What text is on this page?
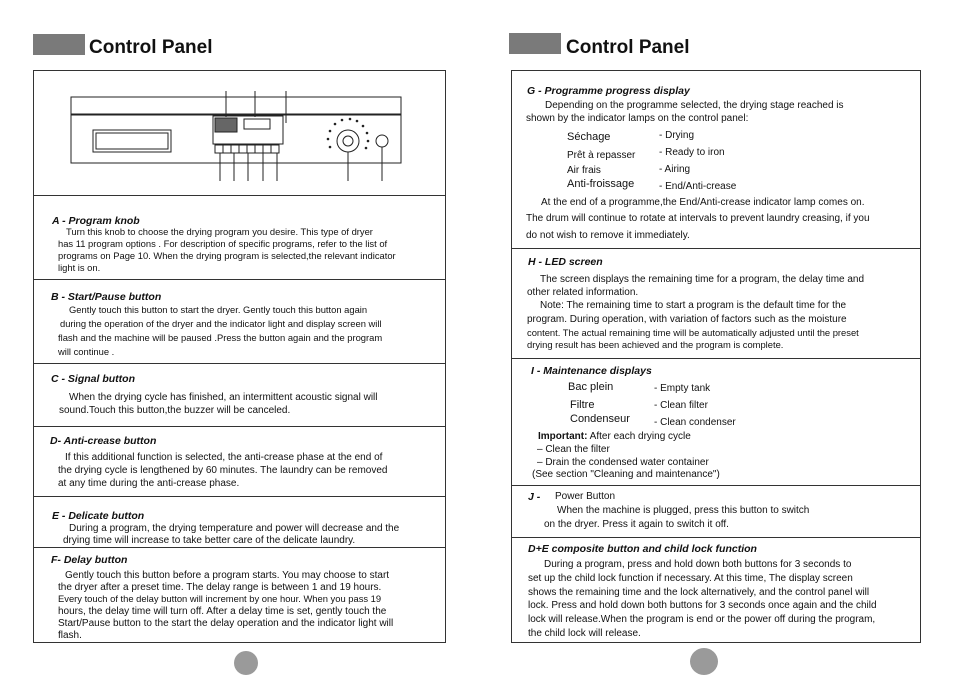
Control Panel
A - Program knob
Turn this knob to choose the drying program you desire. This type of dryer
has 11 program options . For description of specific programs, refer to the list of
programs on Page 10. When the drying program is selected,the relevant indicator
light is on.
B - Start/Pause button
Gently touch this button to start the dryer. Gently touch this button again
during the operation of the dryer and the indicator light and display screen will
flash and the machine will be paused .Press the button again and the program
will continue .
C - Signal button
When the drying cycle has finished, an intermittent acoustic signal will
sound.Touch this button,the buzzer will be canceled.
D- Anti-crease button
If this additional function is selected, the anti-crease phase at the end of
the drying cycle is lengthened by 60 minutes. The laundry can be removed
at any time during the anti-crease phase.
E - Delicate button
During a program, the drying temperature and power will decrease and the
drying time will increase to take better care of the delicate laundry.
F- Delay button
Gently touch this button before a program starts. You may choose to start
the dryer after a preset time. The delay range is between 1 and 19 hours.
Every touch of the delay button will increment by one hour. When you pass 19
hours, the delay time will turn off. After a delay time is set, gently touch the
Start/Pause button to the start the delay operation and the indicator light will
flash.
Control Panel
G - Programme progress display
Depending on the programme selected, the drying stage reached is
shown by the indicator lamps on the control panel:
Séchage	- Drying
Prêt à repasser - Ready to iron
Air frais	- Airing
Anti-froissage - End/Anti-crease
At the end of a programme,the End/Anti-crease indicator lamp comes on.
The drum will continue to rotate at intervals to prevent laundry creasing, if you
do not wish to remove it immediately.
H - LED screen
The screen displays the remaining time for a program, the delay time and
other related information.
Note: The remaining time to start a program is the default time for the
program. During operation, with variation of factors such as the moisture
content. The actual remaining time will be automatically adjusted until the preset
drying result has been achieved and the program is complete.
I - Maintenance displays
Bac plein	- Empty tank
Filtre	- Clean filter
Condenseur - Clean condenser
Important: After each drying cycle
– Clean the filter
– Drain the condensed water container
(See section "Cleaning and maintenance")
J - Power Button
When the machine is plugged, press this button to switch
on the dryer. Press it again to switch it off.
D+E composite button and child lock function
During a program, press and hold down both buttons for 3 seconds to
set up the child lock function if necessary. At this time, The display screen
shows the remaining time and the lock alternatively, and the control panel will
lock. Press and hold down both buttons for 3 seconds once again and the child
lock will release.When the program is end or the power off during the program,
the child lock will release.
